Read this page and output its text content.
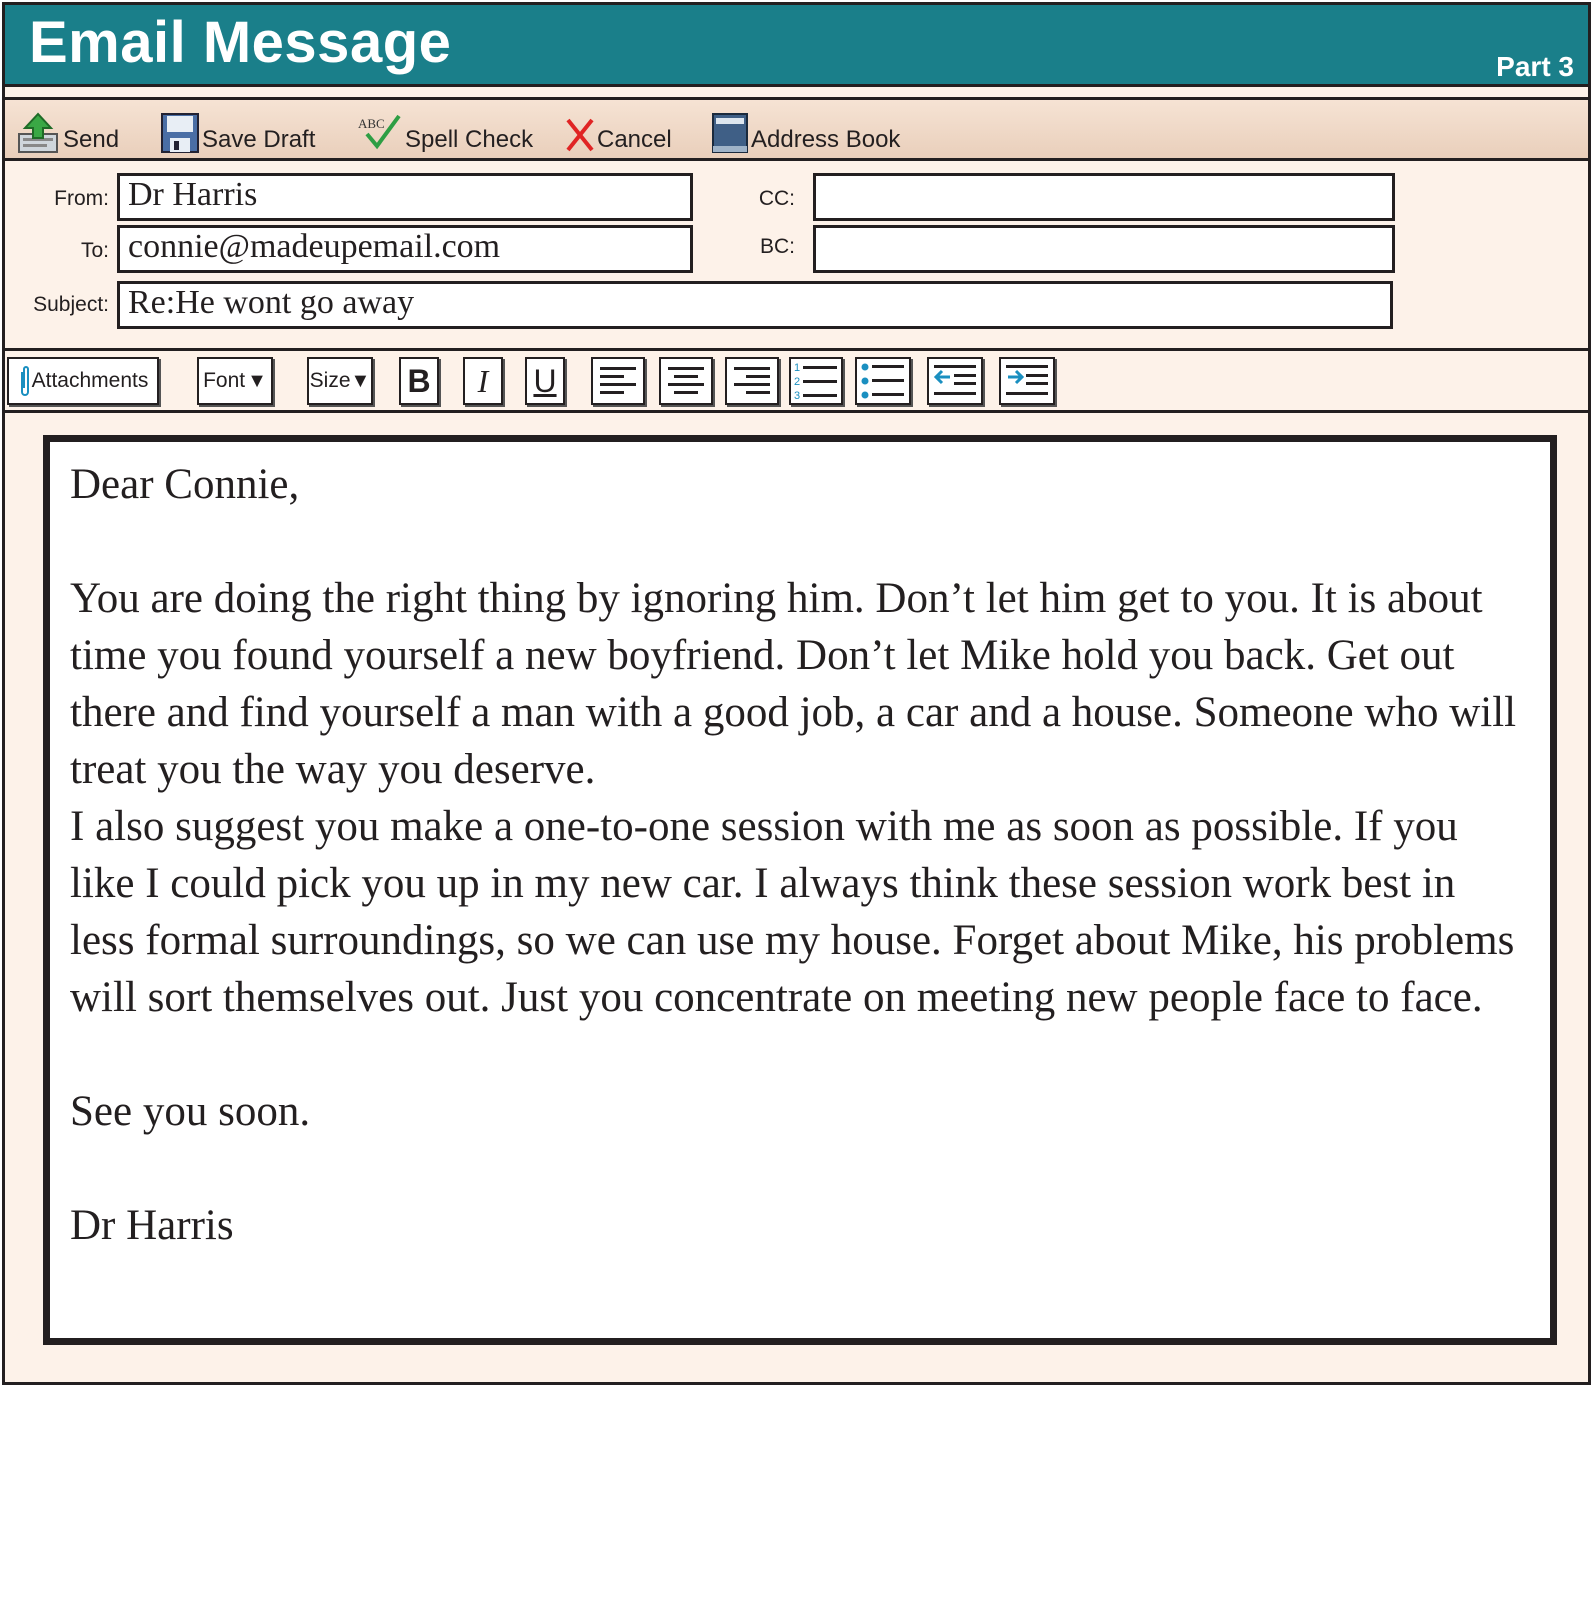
Email Message	Part 3
Send	Save Draft
ABC
Spell Check	Cancel	Address Book
From: Dr Harris
To: connie@madeupemail.com
Subject: Re:He wont go away
CC:
BC:
Attachments	Font ▼ Size ▼ B	I	U	1
2
3

Dear Connie,

You are doing the right thing by ignoring him. Don’t let him get to you. It is about time you found yourself a new boyfriend. Don’t let Mike hold you back. Get out there and find yourself a man with a good job, a car and a house. Someone who will treat you the way you deserve.

I also suggest you make a one-to-one session with me as soon as possible. If you like I could pick you up in my new car. I always think these session work best in less formal surroundings, so we can use my house. Forget about Mike, his problems will sort themselves out. Just you concentrate on meeting new people face to face.

See you soon.

Dr Harris
